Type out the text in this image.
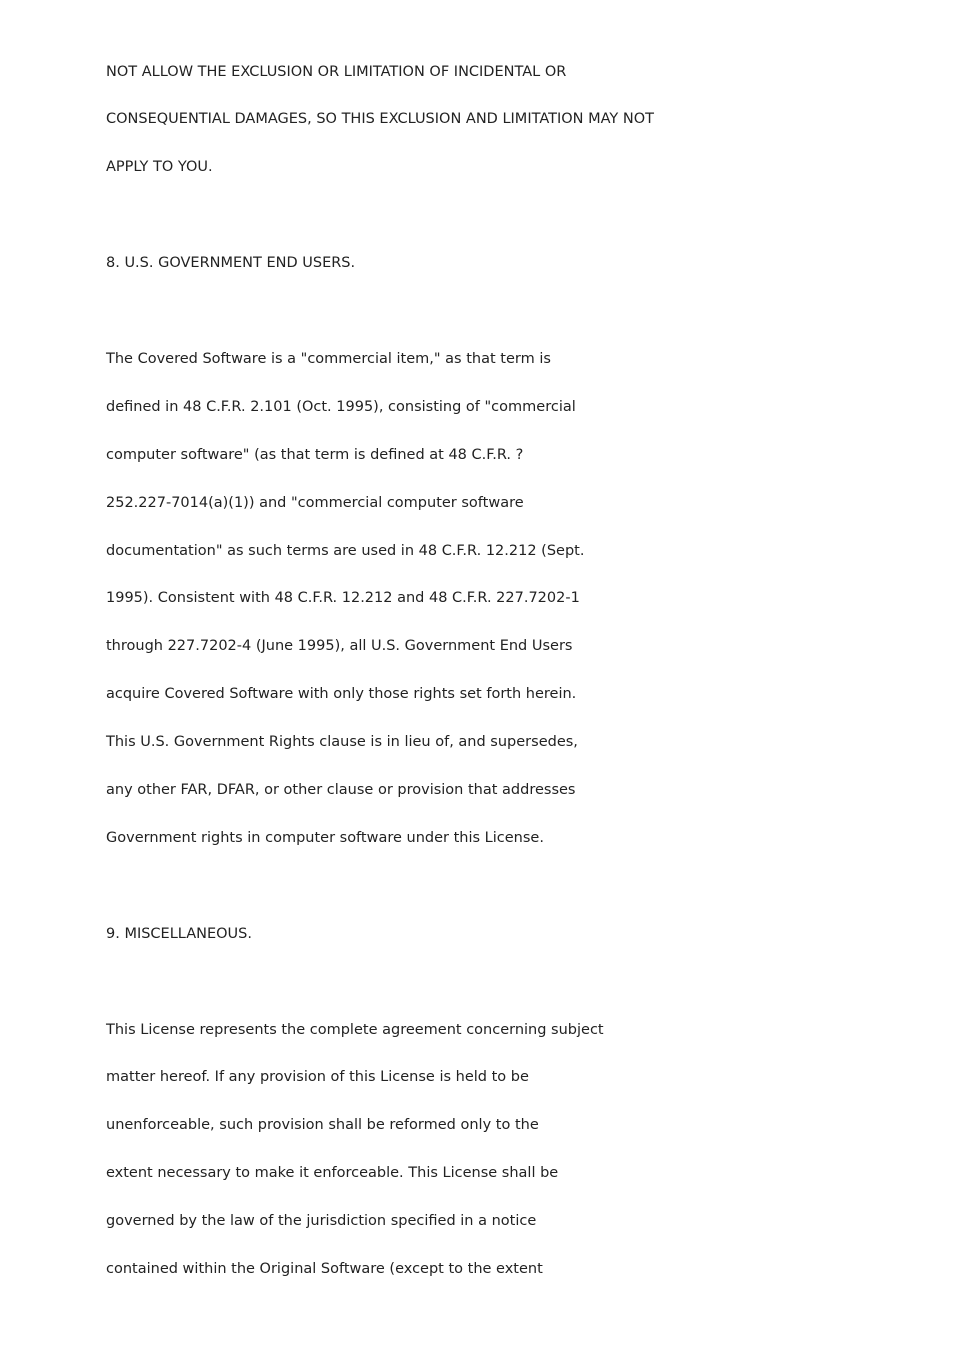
NOT ALLOW THE EXCLUSION OR LIMITATION OF INCIDENTAL OR

CONSEQUENTIAL DAMAGES, SO THIS EXCLUSION AND LIMITATION MAY NOT

APPLY TO YOU.

8. U.S. GOVERNMENT END USERS.

The Covered Software is a "commercial item," as that term is

defined in 48 C.F.R. 2.101 (Oct. 1995), consisting of "commercial

computer software" (as that term is defined at 48 C.F.R. ?

252.227-7014(a)(1)) and "commercial computer software

documentation" as such terms are used in 48 C.F.R. 12.212 (Sept.

1995). Consistent with 48 C.F.R. 12.212 and 48 C.F.R. 227.7202-1

through 227.7202-4 (June 1995), all U.S. Government End Users

acquire Covered Software with only those rights set forth herein.

This U.S. Government Rights clause is in lieu of, and supersedes,

any other FAR, DFAR, or other clause or provision that addresses

Government rights in computer software under this License.

9. MISCELLANEOUS.

This License represents the complete agreement concerning subject

matter hereof. If any provision of this License is held to be

unenforceable, such provision shall be reformed only to the

extent necessary to make it enforceable. This License shall be

governed by the law of the jurisdiction specified in a notice

contained within the Original Software (except to the extent
